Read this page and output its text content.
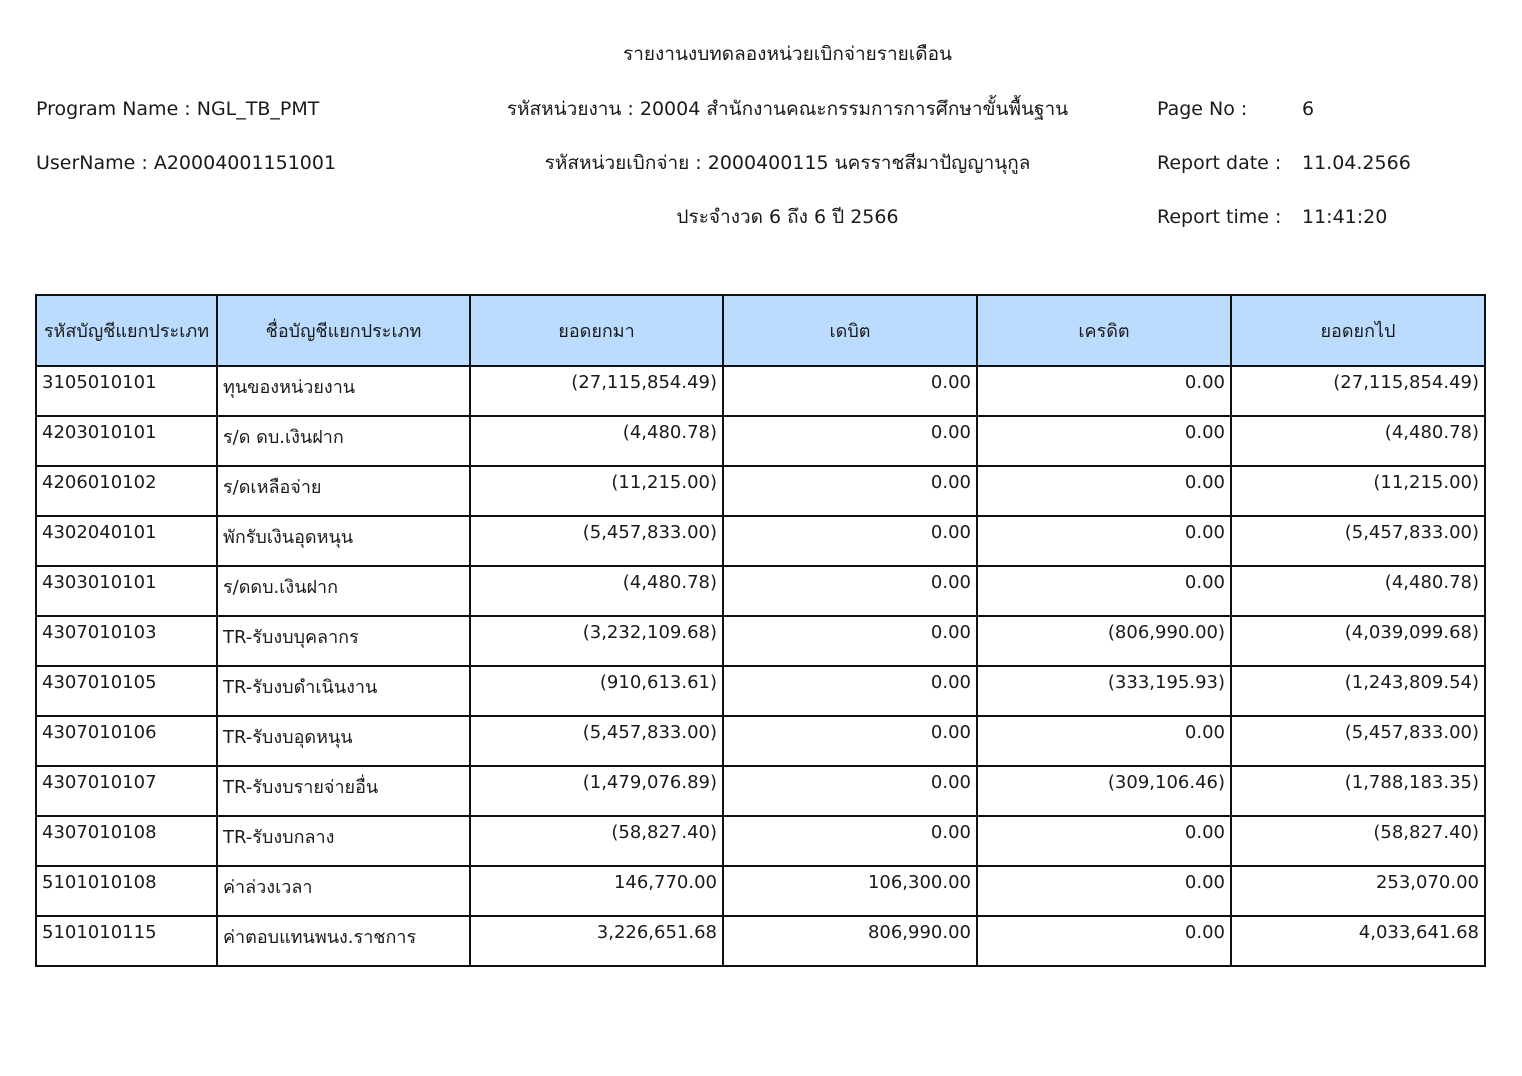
รายงานงบทดลองหน่วยเบิกจ่ายรายเดือน
Program Name : NGL_TB_PMT	รหัสหน่วยงาน : 20004 สำนักงานคณะกรรมการการศึกษาขั้นพื้นฐาน	Page No :	6
UserName : A20004001151001	รหัสหน่วยเบิกจ่าย : 2000400115 นครราชสีมาปัญญานุกูล	Report date : 11.04.2566
ประจำงวด 6 ถึง 6 ปี 2566	Report time : 11:41:20
รหัสบัญชีแยกประเภท	ชื่อบัญชีแยกประเภท	ยอดยกมา	เดบิต	เครดิต	ยอดยกไป
3105010101	ทุนของหน่วยงาน	(27,115,854.49)	0.00	0.00	(27,115,854.49)
4203010101	ร/ด ดบ.เงินฝาก	(4,480.78)	0.00	0.00	(4,480.78)
4206010102	ร/ดเหลือจ่าย	(11,215.00)	0.00	0.00	(11,215.00)
4302040101	พักรับเงินอุดหนุน	(5,457,833.00)	0.00	0.00	(5,457,833.00)
4303010101	ร/ดดบ.เงินฝาก	(4,480.78)	0.00	0.00	(4,480.78)
4307010103	TR-รับงบบุคลากร	(3,232,109.68)	0.00	(806,990.00)	(4,039,099.68)
4307010105	TR-รับงบดำเนินงาน	(910,613.61)	0.00	(333,195.93)	(1,243,809.54)
4307010106	TR-รับงบอุดหนุน	(5,457,833.00)	0.00	0.00	(5,457,833.00)
4307010107	TR-รับงบรายจ่ายอื่น	(1,479,076.89)	0.00	(309,106.46)	(1,788,183.35)
4307010108	TR-รับงบกลาง	(58,827.40)	0.00	0.00	(58,827.40)
5101010108	ค่าล่วงเวลา	146,770.00	106,300.00	0.00	253,070.00
5101010115	ค่าตอบแทนพนง.ราชการ	3,226,651.68	806,990.00	0.00	4,033,641.68
